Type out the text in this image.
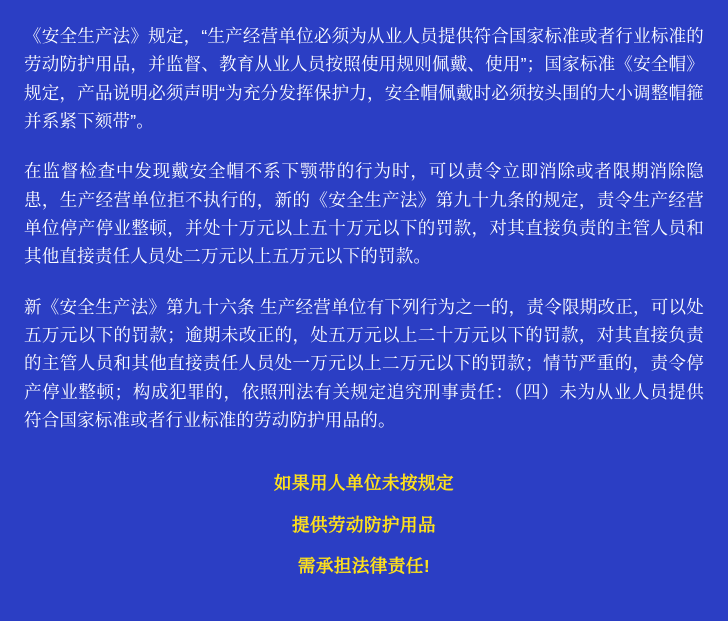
《安全生产法》规定，“生产经营单位必须为从业人员提供符合国家标准或者行业标准的劳动防护用品，并监督、教育从业人员按照使用规则佩戴、使用”；国家标准《安全帽》规定，产品说明必须声明“为充分发挥保护力，安全帽佩戴时必须按头围的大小调整帽箍并系紧下颏带”。

在监督检查中发现戴安全帽不系下颚带的行为时，可以责令立即消除或者限期消除隐患，生产经营单位拒不执行的，新的《安全生产法》第九十九条的规定，责令生产经营单位停产停业整顿，并处十万元以上五十万元以下的罚款，对其直接负责的主管人员和其他直接责任人员处二万元以上五万元以下的罚款。

新《安全生产法》第九十六条 生产经营单位有下列行为之一的，责令限期改正，可以处五万元以下的罚款；逾期未改正的，处五万元以上二十万元以下的罚款，对其直接负责的主管人员和其他直接责任人员处一万元以上二万元以下的罚款；情节严重的，责令停产停业整顿；构成犯罪的，依照刑法有关规定追究刑事责任：（四）未为从业人员提供符合国家标准或者行业标准的劳动防护用品的。

如果用人单位未按规定

提供劳动防护用品

需承担法律责任!
